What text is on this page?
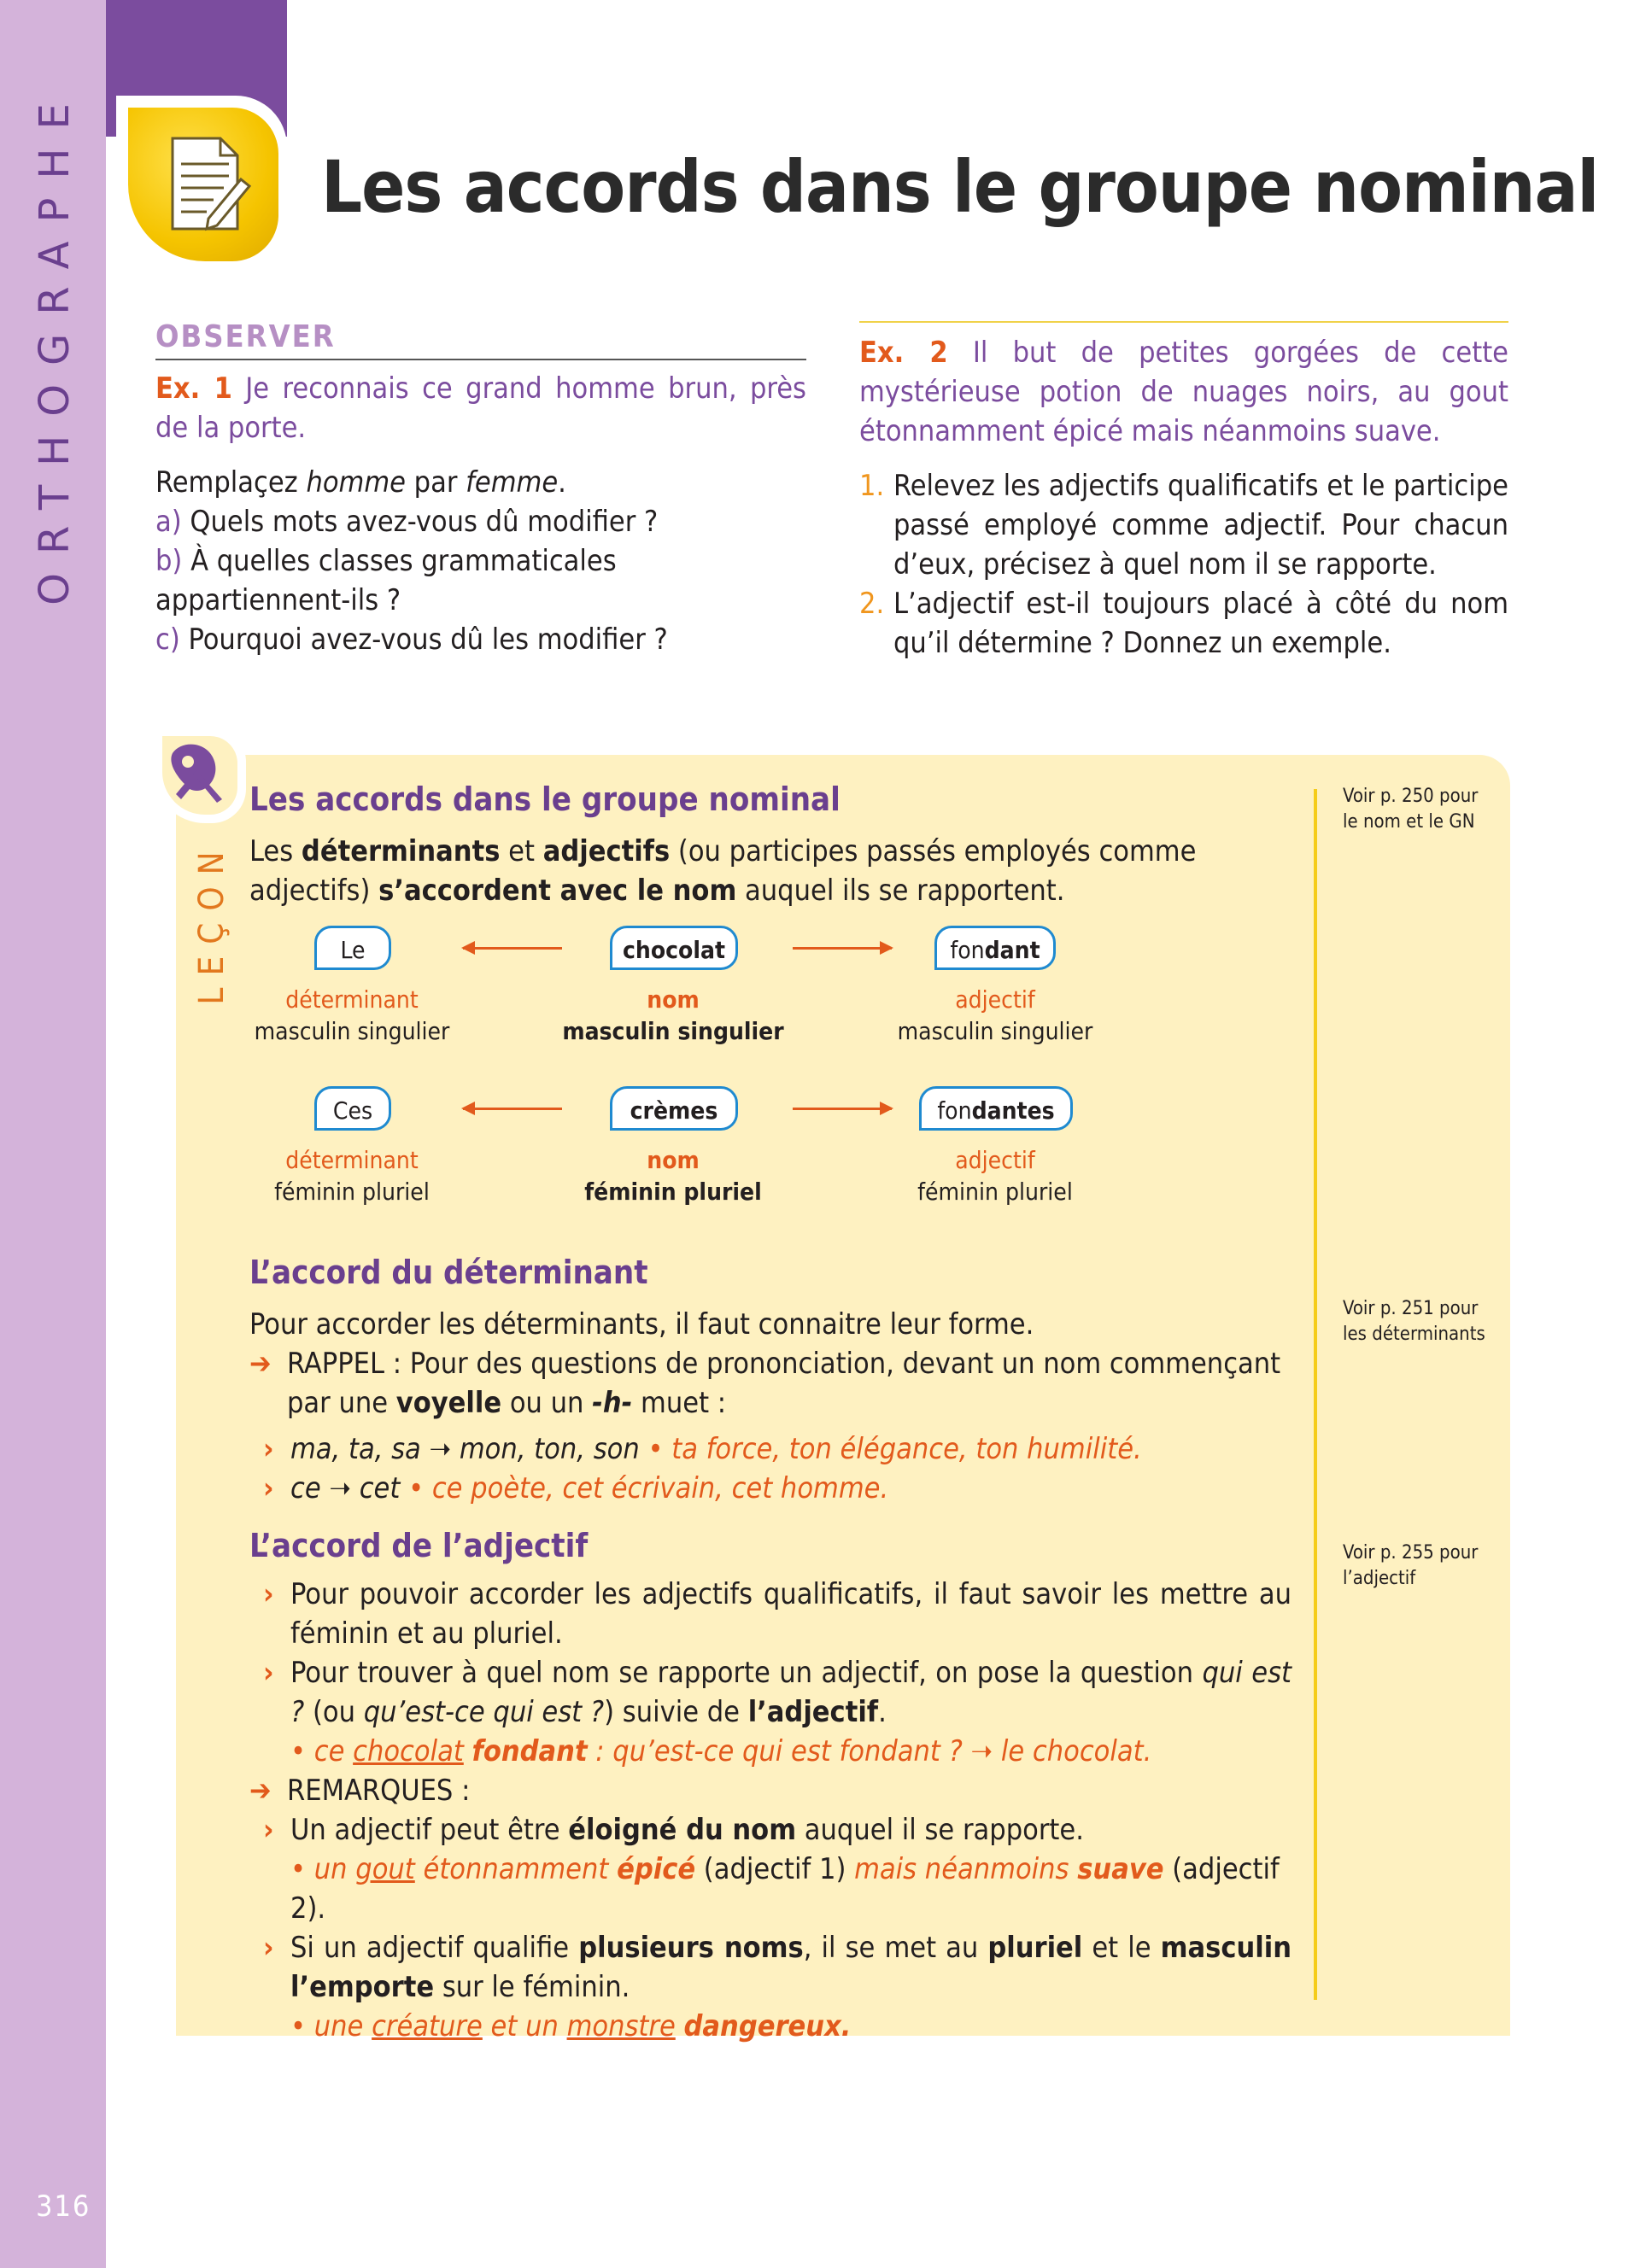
ORTHOGRAPHE
316
Les accords dans le groupe nominal
OBSERVER
Ex. 1 Je reconnais ce grand homme brun, près de la porte.
Remplaçez homme par femme.
a) Quels mots avez-vous dû modifier ?
b) À quelles classes grammaticales appartiennent-ils ?
c) Pourquoi avez-vous dû les modifier ?
Ex. 2 Il but de petites gorgées de cette mystérieuse potion de nuages noirs, au gout étonnamment épicé mais néanmoins suave.
1. Relevez les adjectifs qualificatifs et le participe passé employé comme adjectif. Pour chacun d’eux, précisez à quel nom il se rapporte.
2. L’adjectif est-il toujours placé à côté du nom qu’il détermine ? Donnez un exemple.
LEÇON
Voir p. 250 pour le nom et le GN
Voir p. 251 pour les déterminants
Voir p. 255 pour l’adjectif
Les accords dans le groupe nominal
Les déterminants et adjectifs (ou participes passés employés comme adjectifs) s’accordent avec le nom auquel ils se rapportent.
Le	chocolat	fondant
déterminant
masculin singulier
nom
masculin singulier
adjectif
masculin singulier
Ces	crèmes	fondantes
déterminant
féminin pluriel
nom
féminin pluriel
adjectif
féminin pluriel
L’accord du déterminant
Pour accorder les déterminants, il faut connaitre leur forme.
➔ RAPPEL : Pour des questions de prononciation, devant un nom commençant par une voyelle ou un -h- muet :
› ma, ta, sa ➝ mon, ton, son • ta force, ton élégance, ton humilité.
› ce ➝ cet • ce poète, cet écrivain, cet homme.
L’accord de l’adjectif
› Pour pouvoir accorder les adjectifs qualificatifs, il faut savoir les mettre au féminin et au pluriel.
› Pour trouver à quel nom se rapporte un adjectif, on pose la question qui est ? (ou qu’est-ce qui est ?) suivie de l’adjectif.
• ce chocolat fondant : qu’est-ce qui est fondant ? ➝ le chocolat.
➔ REMARQUES :
› Un adjectif peut être éloigné du nom auquel il se rapporte.
• un gout étonnamment épicé (adjectif 1) mais néanmoins suave (adjectif 2).
› Si un adjectif qualifie plusieurs noms, il se met au pluriel et le masculin l’emporte sur le féminin.
• une créature et un monstre dangereux.
